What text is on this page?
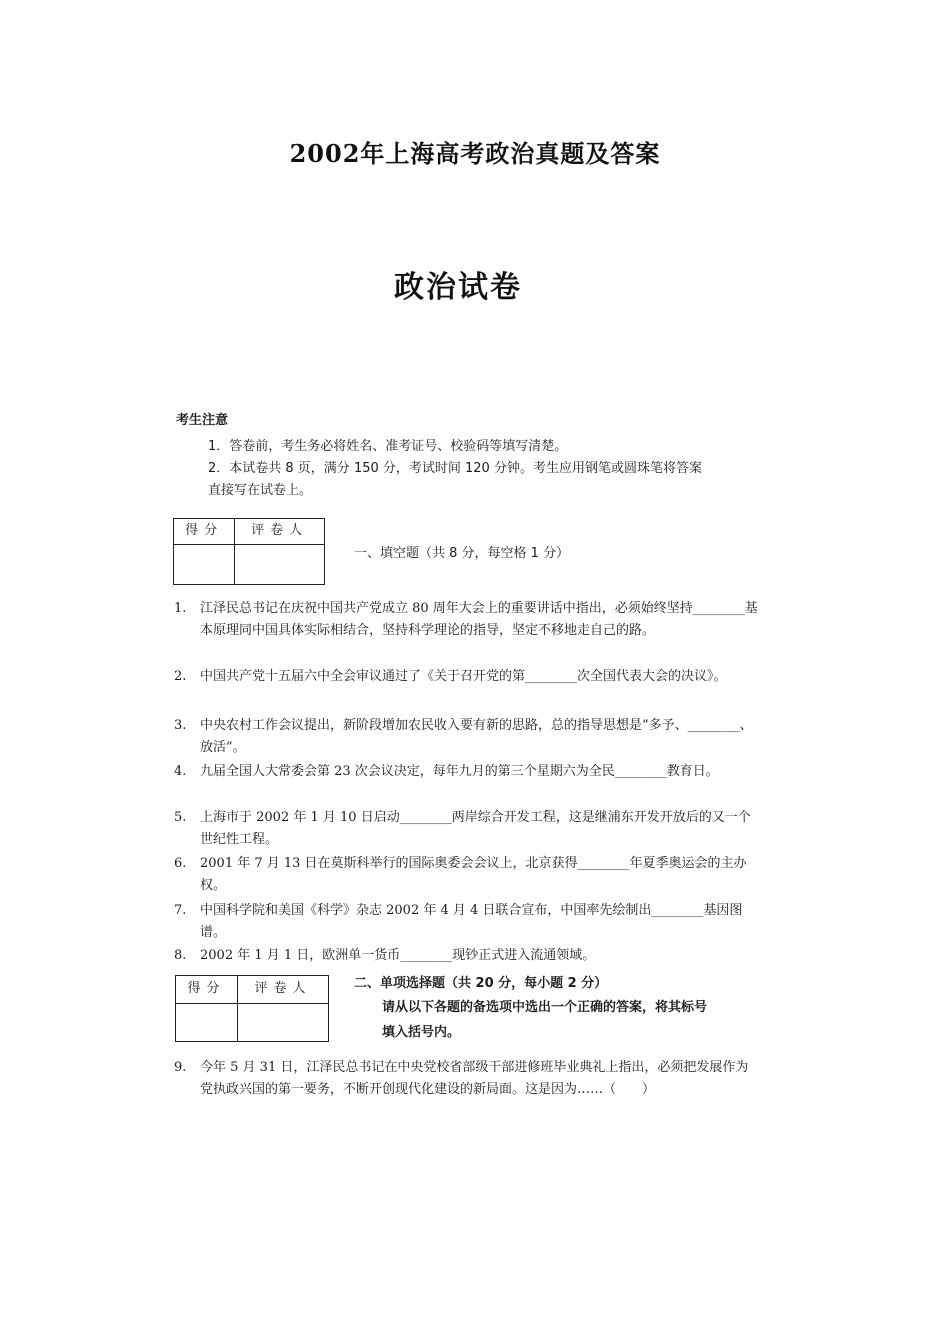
2002年上海高考政治真题及答案
政治试卷
考生注意
1．答卷前，考生务必将姓名、准考证号、校验码等填写清楚。
2．本试卷共 8 页，满分 150 分，考试时间 120 分钟。考生应用钢笔或圆珠笔将答案
直接写在试卷上。
得分	评卷人

一、填空题（共 8 分，每空格 1 分）
1. 江泽民总书记在庆祝中国共产党成立 80 周年大会上的重要讲话中指出，必须始终坚持________基本原理同中国具体实际相结合，坚持科学理论的指导，坚定不移地走自己的路。
2. 中国共产党十五届六中全会审议通过了《关于召开党的第________次全国代表大会的决议》。
3. 中央农村工作会议提出，新阶段增加农民收入要有新的思路，总的指导思想是“多予、________、放活”。
4. 九届全国人大常委会第 23 次会议决定，每年九月的第三个星期六为全民________教育日。
5. 上海市于 2002 年 1 月 10 日启动________两岸综合开发工程，这是继浦东开发开放后的又一个世纪性工程。
6. 2001 年 7 月 13 日在莫斯科举行的国际奥委会会议上，北京获得________年夏季奥运会的主办权。
7. 中国科学院和美国《科学》杂志 2002 年 4 月 4 日联合宣布，中国率先绘制出________基因图谱。
8. 2002 年 1 月 1 日，欧洲单一货币________现钞正式进入流通领域。
得分	评卷人
		二、单项选择题（共 20 分，每小题 2 分）
请从以下各题的备选项中选出一个正确的答案，将其标号
填入括号内。
9. 今年 5 月 31 日，江泽民总书记在中央党校省部级干部进修班毕业典礼上指出，必须把发展作为党执政兴国的第一要务，不断开创现代化建设的新局面。这是因为……（　　）
